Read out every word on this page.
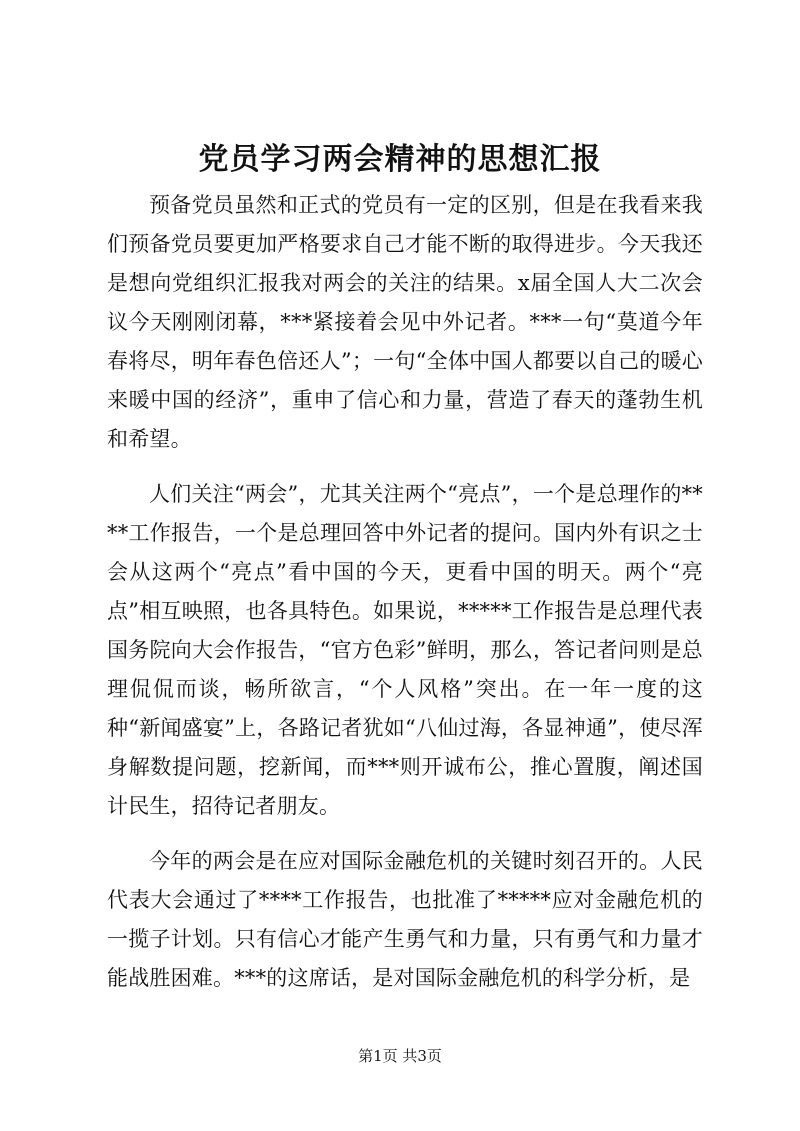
党员学习两会精神的思想汇报

预备党员虽然和正式的党员有一定的区别，但是在我看来我们预备党员要更加严格要求自己才能不断的取得进步。今天我还是想向党组织汇报我对两会的关注的结果。x届全国人大二次会议今天刚刚闭幕，***紧接着会见中外记者。***一句“莫道今年春将尽，明年春色倍还人”；一句“全体中国人都要以自己的暖心来暖中国的经济”，重申了信心和力量，营造了春天的蓬勃生机和希望。

人们关注“两会”，尤其关注两个“亮点”，一个是总理作的****工作报告，一个是总理回答中外记者的提问。国内外有识之士会从这两个“亮点”看中国的今天，更看中国的明天。两个“亮点”相互映照，也各具特色。如果说，*****工作报告是总理代表国务院向大会作报告，“官方色彩”鲜明，那么，答记者问则是总理侃侃而谈，畅所欲言，“个人风格”突出。在一年一度的这种“新闻盛宴”上，各路记者犹如“八仙过海，各显神通”，使尽浑身解数提问题，挖新闻，而***则开诚布公，推心置腹，阐述国计民生，招待记者朋友。

今年的两会是在应对国际金融危机的关键时刻召开的。人民代表大会通过了****工作报告，也批准了*****应对金融危机的一揽子计划。只有信心才能产生勇气和力量，只有勇气和力量才能战胜困难。***的这席话，是对国际金融危机的科学分析，是

第1页 共3页
